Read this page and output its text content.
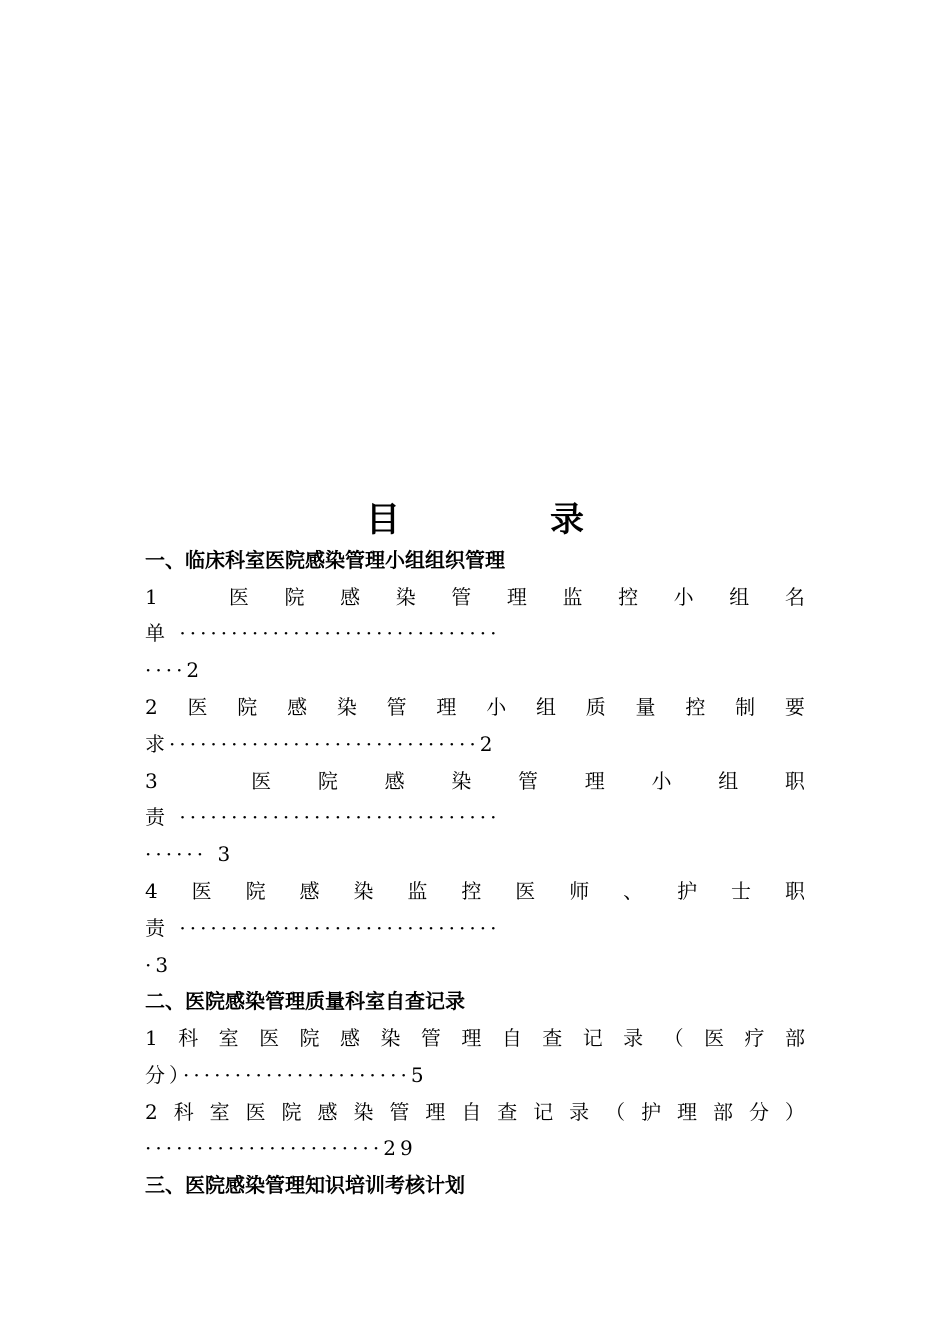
目　录
一、临床科室医院感染管理小组组织管理
1	医 院 感 染 管 理 监 控 小 组 名
单 ·······························
····2
2 医 院 感 染 管 理 小 组 质 量 控 制 要
求······························2
3	医 院 感 染 管 理 小 组 职
责 ·······························
······ 3
4 医 院 感 染 监 控 医 师 、 护 士 职
责 ·······························
·3
二、医院感染管理质量科室自查记录
1 科 室 医 院 感 染 管 理 自 查 记 录 （ 医 疗 部
分）······················5
2 科 室 医 院 感 染 管 理 自 查 记 录 （ 护 理 部 分 ）
·······················29
三、医院感染管理知识培训考核计划
